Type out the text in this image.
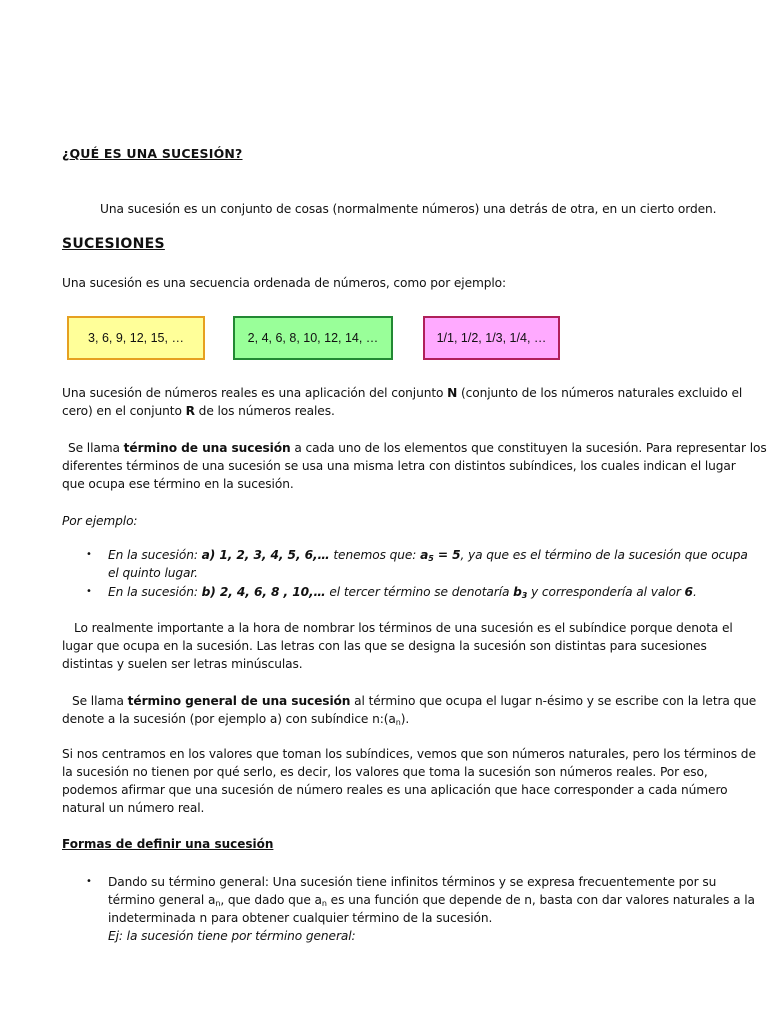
¿QUÉ ES UNA SUCESIÓN?
Una sucesión es un conjunto de cosas (normalmente números) una detrás de otra, en un cierto orden.
SUCESIONES
Una sucesión es una secuencia ordenada de números, como por ejemplo:
3, 6, 9, 12, 15, …	2, 4, 6, 8, 10, 12, 14, …	1/1, 1/2, 1/3, 1/4, …
Una sucesión de números reales es una aplicación del conjunto N (conjunto de los números naturales excluido el
cero) en el conjunto R de los números reales.
Se llama término de una sucesión a cada uno de los elementos que constituyen la sucesión. Para representar los
diferentes términos de una sucesión se usa una misma letra con distintos subíndices, los cuales indican el lugar
que ocupa ese término en la sucesión.
Por ejemplo:
• En la sucesión: a) 1, 2, 3, 4, 5, 6,… tenemos que: $a_5 = 5$, ya que es el término de la sucesión que ocupa
el quinto lugar.
• En la sucesión: b) 2, 4, 6, 8 , 10,… el tercer término se denotaría $b_3$ y correspondería al valor 6.
Lo realmente importante a la hora de nombrar los términos de una sucesión es el subíndice porque denota el
lugar que ocupa en la sucesión. Las letras con las que se designa la sucesión son distintas para sucesiones
distintas y suelen ser letras minúsculas.
Se llama término general de una sucesión al término que ocupa el lugar n-ésimo y se escribe con la letra que
denote a la sucesión (por ejemplo a) con subíndice $n:(a_n)$.
Si nos centramos en los valores que toman los subíndices, vemos que son números naturales, pero los términos de
la sucesión no tienen por qué serlo, es decir, los valores que toma la sucesión son números reales. Por eso,
podemos afirmar que una sucesión de número reales es una aplicación que hace corresponder a cada número
natural un número real.
Formas de definir una sucesión
• Dando su término general: Una sucesión tiene infinitos términos y se expresa frecuentemente por su
término general $a_n$, que dado que $a_n$ es una función que depende de n, basta con dar valores naturales a la
indeterminada n para obtener cualquier término de la sucesión.
Ej: la sucesión tiene por término general:
